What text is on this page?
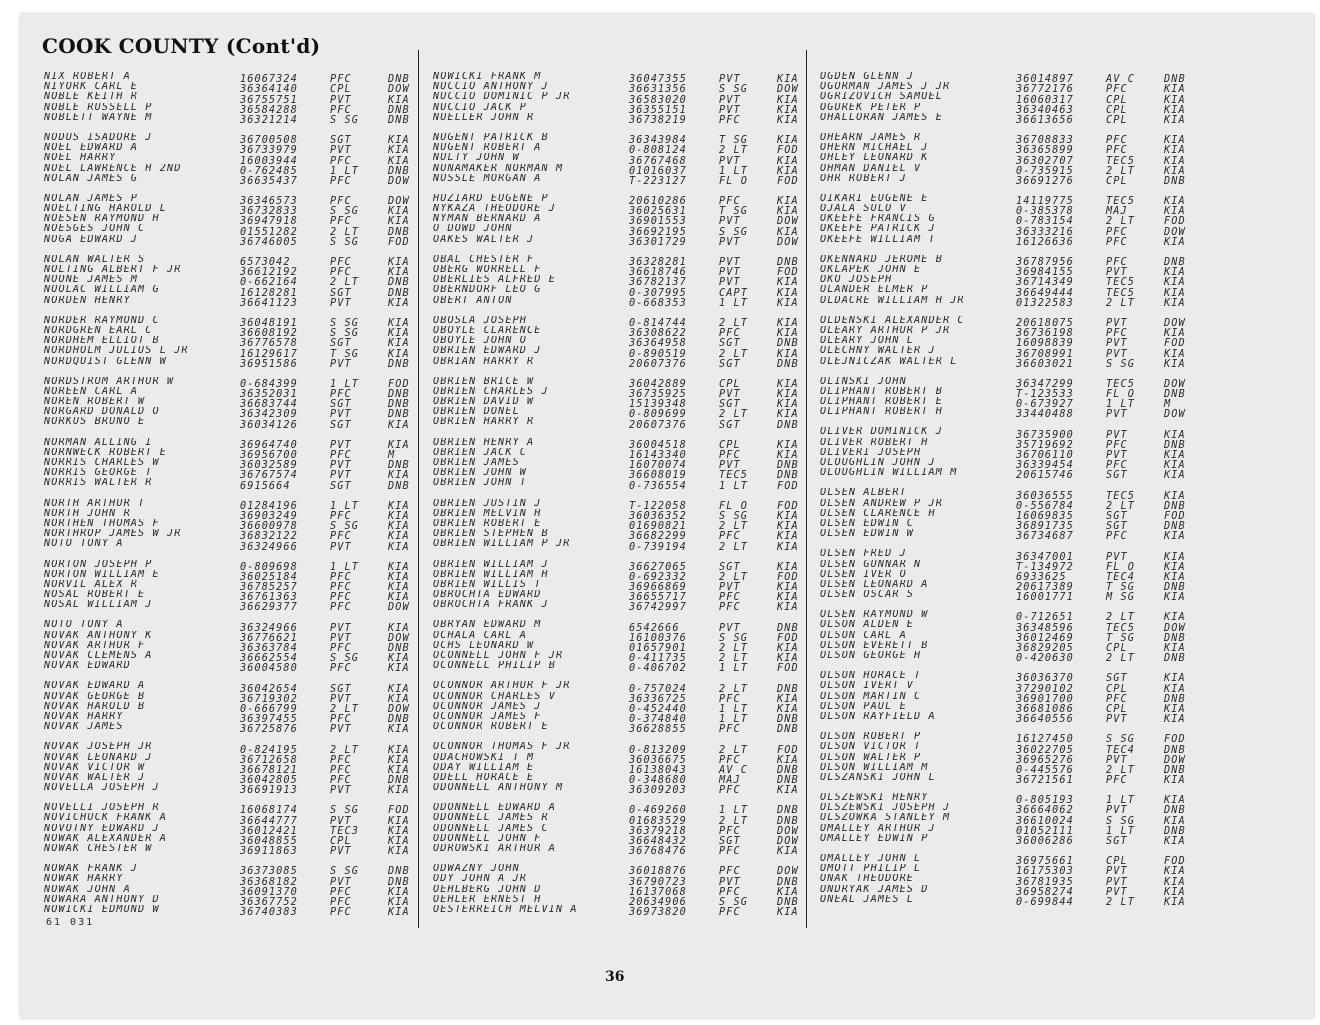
COOK COUNTY (Cont'd)
NIX ROBERT A	16067324	PFC	DNB
NIYORK CARL E	36364140	CPL	DOW
NOBLE KEITH R	36755751	PVT	KIA
NOBLE RUSSELL P	36584288	PFC	DNB
NOBLETT WAYNE M	36321214	S SG	DNB
NODUS ISADORE J	36700508	SGT	KIA
NOEL EDWARD A	36733979	PVT	KIA
NOEL HARRY	16003944	PFC	KIA
NOEL LAWRENCE H 2ND	0-762485	1 LT	DNB
NOLAN JAMES G	36635437	PFC	DOW
NOLAN JAMES P	36346573	PFC	DOW
NOELTING HAROLD L	36732833	S SG	KIA
NOESEN RAYMOND H	36947918	PFC	KIA
NOESGES JOHN C	01551282	2 LT	DNB
NOGA EDWARD J	36746005	S SG	FOD
NOLAN WALTER S	6573042	PFC	KIA
NOLTING ALBERT F JR	36612192	PFC	KIA
NOONE JAMES M	0-662164	2 LT	DNB
NOOLAC WILLIAM G	16128281	SGT	DNB
NORDEN HENRY	36641123	PVT	KIA
NORDER RAYMOND C	36048191	S SG	KIA
NORDGREN EARL C	36608192	S SG	KIA
NORDHEM ELLIOT B	36776578	SGT	KIA
NORDHOLM JULIUS L JR	16129617	T SG	KIA
NORDQUIST GLENN W	36951586	PVT	DNB
NORDSTROM ARTHUR W	0-684399	1 LT	FOD
NOREEN CARL A	36352031	PFC	DNB
NOREN ROBERT W	36683744	SGT	DNB
NORGARD DONALD O	36342309	PVT	DNB
NORKUS BRUNO E	36034126	SGT	KIA
NORMAN ALLING I	36964740	PVT	KIA
NORNWECK ROBERT E	36956700	PFC	M
NORRIS CHARLES W	36032589	PVT	DNB
NORRIS GEORGE T	36767574	PVT	KIA
NORRIS WALTER R	6915664	SGT	DNB
NORTH ARTHUR T	01284196	1 LT	KIA
NORTH JOHN R	36903249	PFC	KIA
NORTHEN THOMAS F	36600978	S SG	KIA
NORTHROP JAMES W JR	36832122	PFC	KIA
NOTO TONY A	36324966	PVT	KIA
NORTON JOSEPH P	0-809698	1 LT	KIA
NORTON WILLIAM E	36025184	PFC	KIA
NORVIL ALEX R	36785257	PFC	KIA
NOSAL ROBERT E	36761363	PFC	KIA
NOSAL WILLIAM J	36629377	PFC	DOW
NOTO TONY A	36324966	PVT	KIA
NOVAK ANTHONY K	36776621	PVT	DOW
NOVAK ARTHUR F	36363784	PFC	DNB
NOVAK CLEMENS A	36662554	S SG	KIA
NOVAK EDWARD	36004580	PFC	KIA
NOVAK EDWARD A	36042654	SGT	KIA
NOVAK GEORGE B	36719302	PVT	KIA
NOVAK HAROLD B	0-666799	2 LT	DOW
NOVAK HARRY	36397455	PFC	DNB
NOVAK JAMES	36725876	PVT	KIA
NOVAK JOSEPH JR	0-824195	2 LT	KIA
NOVAK LEONARD J	36712658	PFC	KIA
NOVAK VICTOR W	36678121	PFC	KIA
NOVAK WALTER J	36042805	PFC	DNB
NOVELLA JOSEPH J	36691913	PVT	KIA
NOVELLI JOSEPH R	16068174	S SG	FOD
NOVICHUCK FRANK A	36644777	PVT	KIA
NOVOTNY EDWARD J	36012421	TEC3	KIA
NOWAK ALEXANDER A	36048855	CPL	KIA
NOWAK CHESTER W	36911863	PVT	KIA
NOWAK FRANK J	36373085	S SG	DNB
NOWAK HARRY	36368182	PVT	DNB
NOWAK JOHN A	36091370	PFC	KIA
NOWARA ANTHONY D	36367752	PFC	KIA
NOWICKI EDMUND W	36740383	PFC	KIA
NOWICKI FRANK M	36047355	PVT	KIA
NUCCIO ANTHONY J	36631356	S SG	DOW
NUCCIO DOMINIC P JR	36583020	PVT	KIA
NUCCIO JACK P	36355151	PVT	KIA
NUELLER JOHN R	36738219	PFC	KIA
NUGENT PATRICK B	36343984	T SG	KIA
NUGENT ROBERT A	0-808124	2 LT	FOD
NULTY JOHN W	36767468	PVT	KIA
NUNAMAKER NORMAN M	01016037	1 LT	KIA
NUSSLE MORGAN A	T-223127	FL O	FOD
HUZIARD EUGENE P	20610286	PFC	KIA
NYKAZA THEODORE J	36025631	T SG	KIA
NYMAN BERNARD A	36901553	PVT	DOW
O DOWD JOHN	36692195	S SG	KIA
OAKES WALTER J	36301729	PVT	DOW
OBAL CHESTER F	36328281	PVT	DNB
OBERG WORRELL F	36618746	PVT	FOD
OBERLIES ALFRED E	36782137	PVT	KIA
OBERNDORF LEO G	0-307995	CAPT	KIA
OBERT ANTON	0-668353	1 LT	KIA
OBOSLA JOSEPH	0-814744	2 LT	KIA
OBOYLE CLARENCE	36308622	PFC	KIA
OBOYLE JOHN O	36364958	SGT	DNB
OBRIEN EDWARD J	0-890519	2 LT	KIA
OBRIAN HARRY R	20607376	SGT	DNB
OBRIEN BRICE W	36042889	CPL	KIA
OBRIEN CHARLES J	36735925	PVT	KIA
OBRIEN DAVID W	15139348	SGT	KIA
OBRIEN DONEL	0-809699	2 LT	KIA
OBRIEN HARRY R	20607376	SGT	DNB
OBRIEN HENRY A	36004518	CPL	KIA
OBRIEN JACK C	16143340	PFC	KIA
OBRIEN JAMES	16070074	PVT	DNB
OBRIEN JOHN W	36608019	TEC5	DNB
OBRIEN JOHN T	0-736554	1 LT	FOD
OBRIEN JUSTIN J	T-122058	FL O	FOD
OBRIEN MELVIN H	36036352	S SG	KIA
OBRIEN ROBERT E	01690821	2 LT	KIA
OBRIEN STEPHEN B	36682299	PFC	KIA
OBRIEN WILLIAM P JR	0-739194	2 LT	KIA
OBRIEN WILLIAM J	36627065	SGT	KIA
OBRIEN WILLIAM H	0-692332	2 LT	FOD
OBRIEN WILLIS T	36966869	PVT	KIA
OBROCHTA EDWARD	36655717	PFC	KIA
OBROCHTA FRANK J	36742997	PFC	KIA
OBRYAN EDWARD M	6542666	PVT	DNB
OCHALA CARL A	16100376	S SG	FOD
OCHS LEONARD W	01657901	2 LT	KIA
OCONNELL JOHN F JR	0-411735	2 LT	KIA
OCONNELL PHILIP B	0-406702	1 LT	FOD
OCONNOR ARTHUR F JR	0-757024	2 LT	DNB
OCONNOR CHARLES V	36336725	PFC	KIA
OCONNOR JAMES J	0-452440	1 LT	KIA
OCONNOR JAMES F	0-374840	1 LT	DNB
OCONNOR ROBERT E	36628855	PFC	DNB
OCONNOR THOMAS F JR	0-813209	2 LT	FOD
ODACHOWSKI T M	36036675	PFC	KIA
ODAY WILLIAM E	16138043	AV C	DNB
ODELL HORACE E	0-348680	MAJ	DNB
ODONNELL ANTHONY M	36309203	PFC	KIA
ODONNELL EDWARD A	0-469260	1 LT	DNB
ODONNELL JAMES R	01683529	2 LT	DNB
ODONNELL JAMES C	36379218	PFC	DOW
ODONNELL JOHN F	36648432	SGT	DOW
ODROWSKI ARTHUR A	36768476	PFC	KIA
ODWAZNY JOHN	36018876	PFC	DOW
ODY JOHN A JR	36790723	PVT	DNB
OEHLBERG JOHN D	16137068	PFC	KIA
OEHLER ERNEST H	20634906	S SG	DNB
OESTERREICH MELVIN A	36973820	PFC	KIA
OGDEN GLENN J	36014897	AV C	DNB
OGORMAN JAMES J JR	36772176	PFC	KIA
OGRIZOVICH SAMUEL	16060317	CPL	KIA
OGUREK PETER P	36340463	CPL	KIA
OHALLORAN JAMES E	36613656	CPL	KIA
OHEARN JAMES R	36708833	PFC	KIA
OHERN MICHAEL J	36365899	PFC	KIA
OHLEY LEONARD K	36302707	TEC5	KIA
OHMAN DANIEL V	0-735915	2 LT	KIA
OHR ROBERT J	36691276	CPL	DNB
OIKARI EUGENE E	14119775	TEC5	KIA
OJALA SULO V	0-385378	MAJ	KIA
OKEEFE FRANCIS G	0-783154	2 LT	FOD
OKEEFE PATRICK J	36333216	PFC	DOW
OKEEFE WILLIAM T	16126636	PFC	KIA
OKENNARD JEROME B	36787956	PFC	DNB
OKLAPEK JOHN E	36984155	PVT	KIA
OKO JOSEPH	36714349	TEC5	KIA
OLANDER ELMER P	36649444	TEC5	KIA
OLDACRE WILLIAM H JR	01322583	2 LT	KIA
OLDENSKI ALEXANDER C	20618075	PVT	DOW
OLEARY ARTHUR P JR	36736198	PFC	KIA
OLEARY JOHN L	16098839	PVT	FOD
OLECHNY WALTER J	36708991	PVT	KIA
OLEJNICZAK WALTER L	36603021	S SG	KIA
OLINSKI JOHN	36347299	TEC5	DOW
OLIPHANT ROBERT B	T-123533	FL O	DNB
OLIPHANT ROBERT E	0-673927	1 LT	M
OLIPHANT ROBERT H	33440488	PVT	DOW
OLIVER DOMINICK J	36735900	PVT	KIA
OLIVER ROBERT H	35719692	PFC	DNB
OLIVERI JOSEPH	36706110	PVT	KIA
OLOUGHLIN JOHN J	36339454	PFC	KIA
OLOUGHLIN WILLIAM M	20615746	SGT	KIA
OLSEN ALBERT	36036555	TEC5	KIA
OLSEN ANDREW P JR	0-556784	2 LT	DNB
OLSEN CLARENCE H	16069835	SGT	FOD
OLSEN EDWIN C	36891735	SGT	DNB
OLSEN EDWIN W	36734687	PFC	KIA
OLSEN FRED J	36347001	PVT	KIA
OLSEN GUNNAR N	T-134972	FL O	KIA
OLSEN IVER O	6933625	TEC4	KIA
OLSEN LEONARD A	20617389	T SG	DNB
OLSEN OSCAR S	16001771	M SG	KIA
OLSEN RAYMOND W	0-712651	2 LT	KIA
OLSON ALDEN E	36348596	TEC5	DOW
OLSON CARL A	36012469	T SG	DNB
OLSON EVERETT B	36829205	CPL	KIA
OLSON GEORGE H	0-420630	2 LT	DNB
OLSON HORACE T	36036370	SGT	KIA
OLSON IVERT V	37290102	CPL	KIA
OLSON MARTIN C	36901700	PFC	DNB
OLSON PAUL E	36681086	CPL	KIA
OLSON RAYFIELD A	36640556	PVT	KIA
OLSON ROBERT P	16127450	S SG	FOD
OLSON VICTOR T	36022705	TEC4	DNB
OLSON WALTER P	36965276	PVT	DOW
OLSON WILLIAM M	0-445576	2 LT	DNB
OLSZANSKI JOHN L	36721561	PFC	KIA
OLSZEWSKI HENRY	0-805193	1 LT	KIA
OLSZEWSKI JOSEPH J	36664062	PVT	DNB
OLSZOWKA STANLEY M	36610024	S SG	KIA
OMALLEY ARTHUR J	01052111	1 LT	DNB
OMALLEY EDWIN P	36006286	SGT	KIA
OMALLEY JOHN L	36975661	CPL	FOD
OMOTT PHILIP L	16175303	PVT	KIA
ONAK THEODORE	36781935	PVT	KIA
ONDRYAK JAMES D	36958274	PVT	KIA
ONEAL JAMES L	0-699844	2 LT	KIA
61 031
36
